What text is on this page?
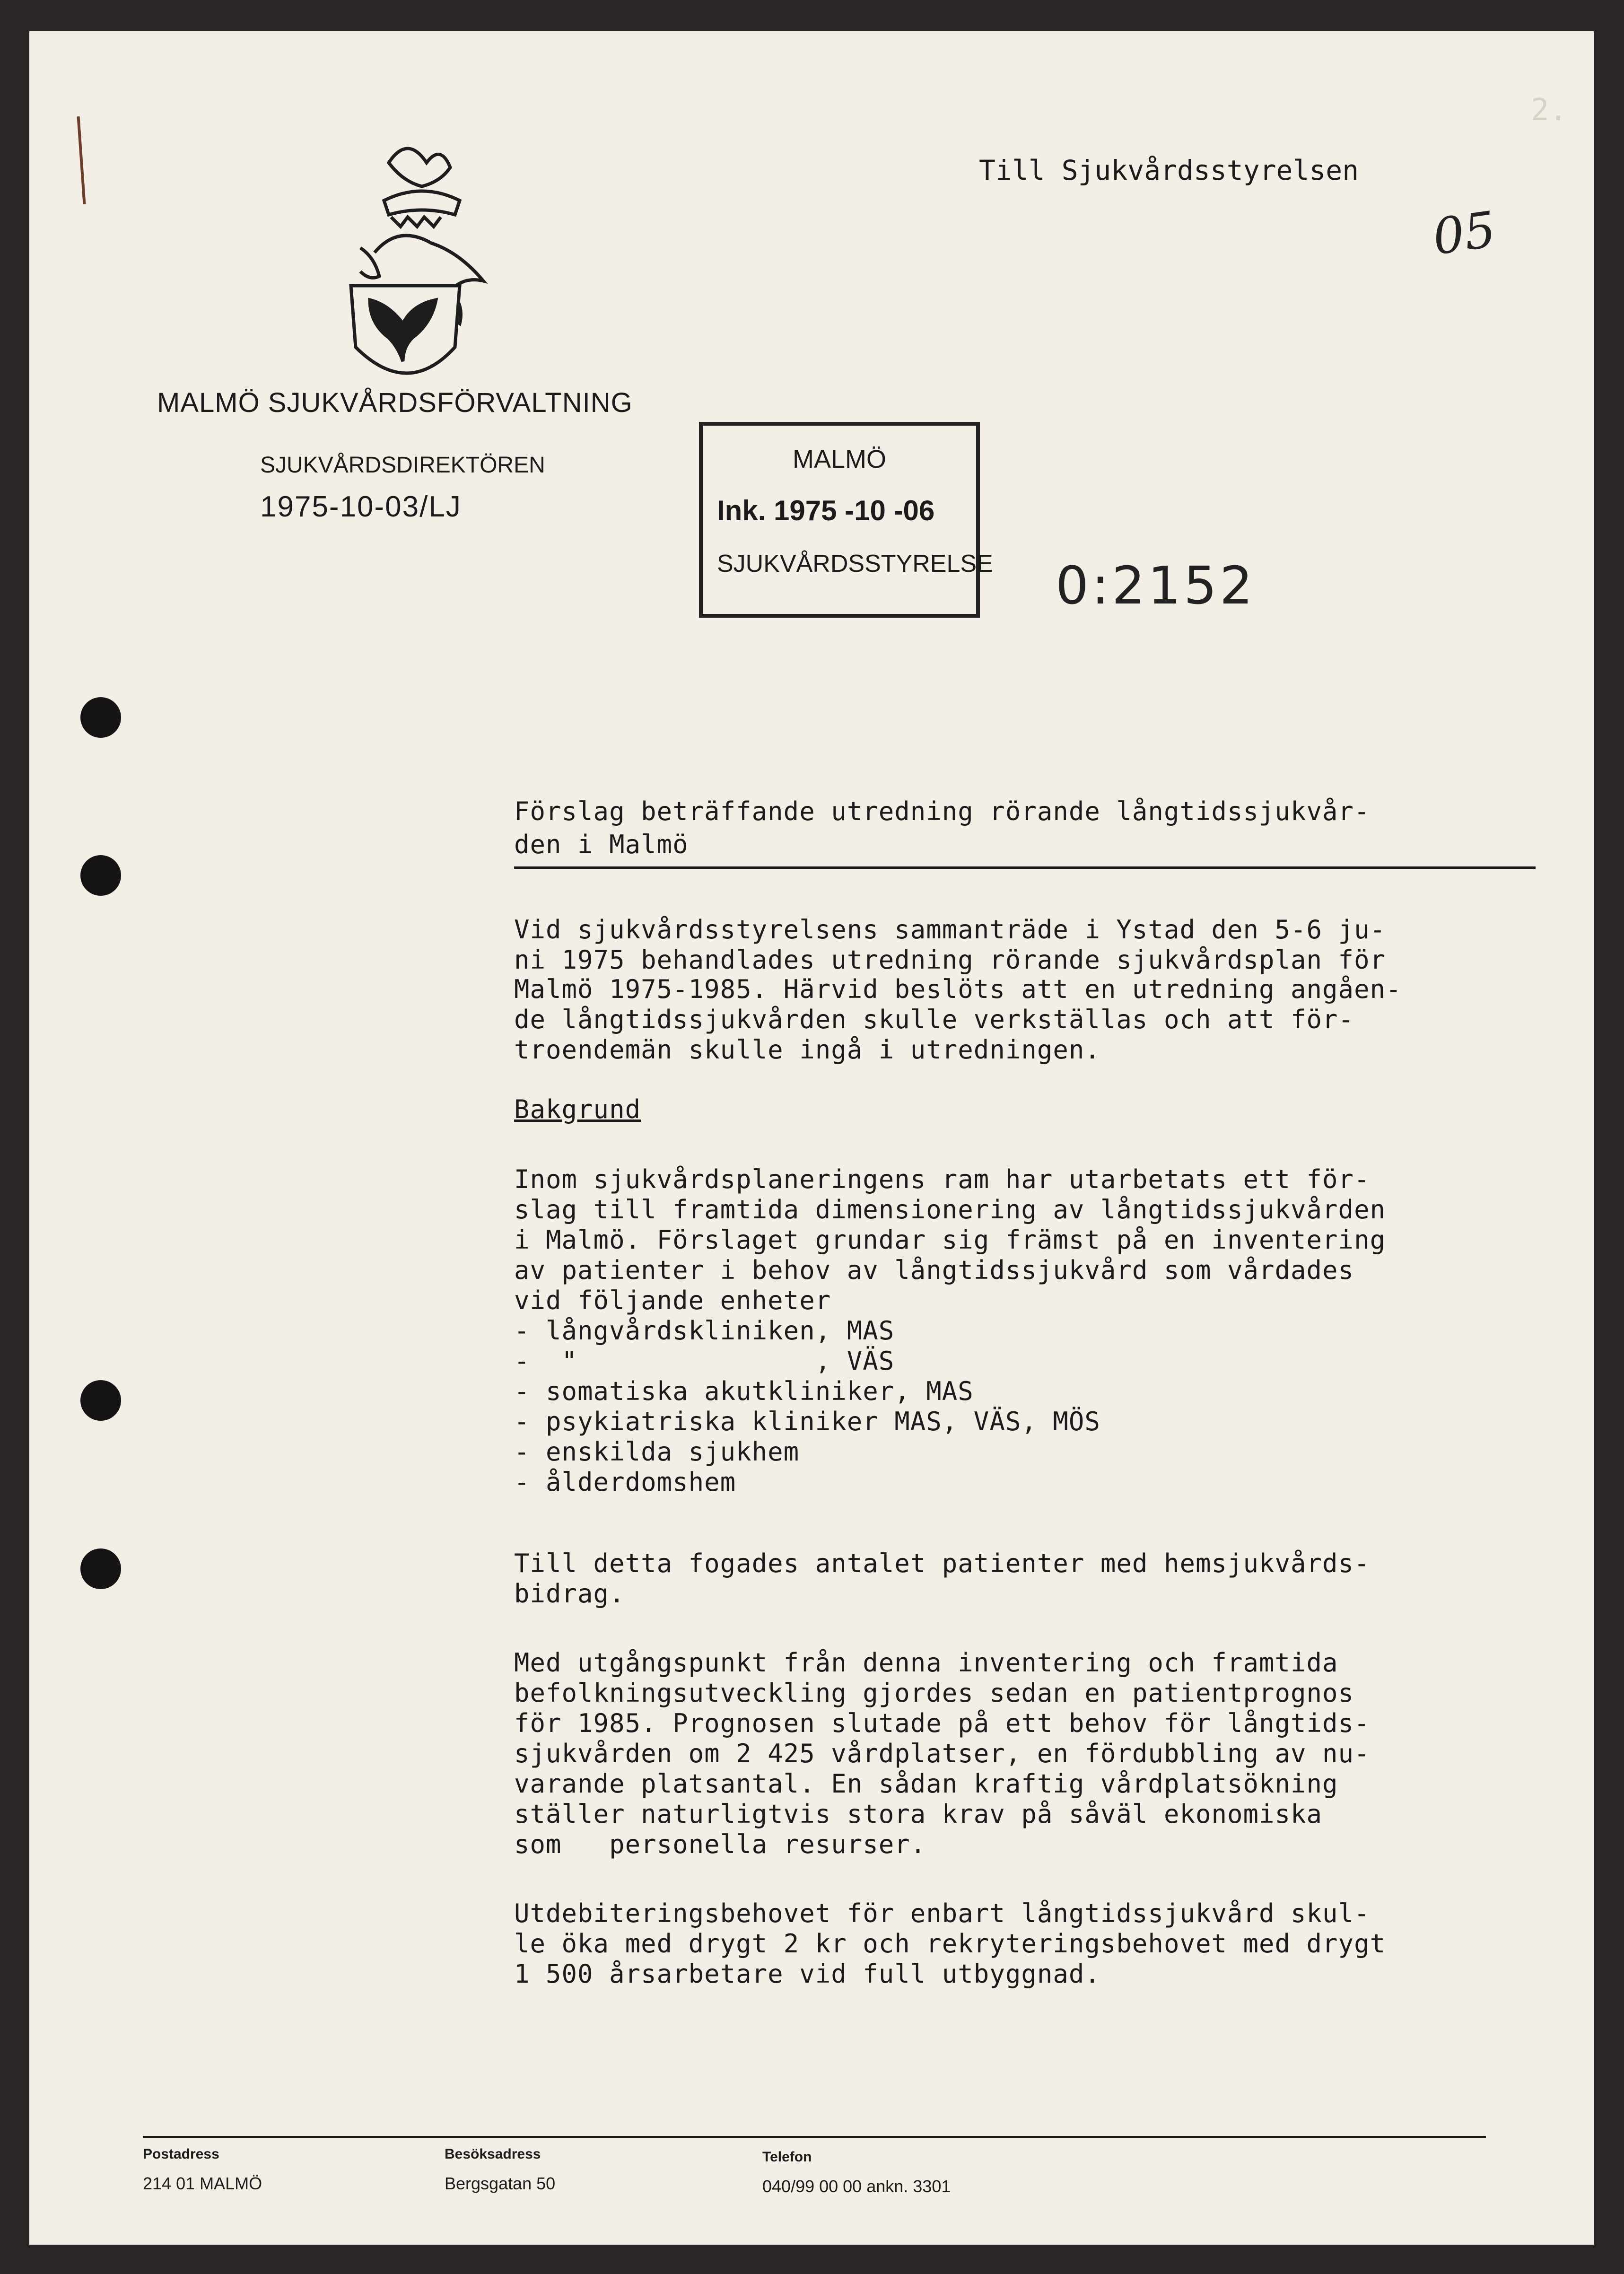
2.
Till Sjukvårdsstyrelsen
05
MALMÖ SJUKVÅRDSFÖRVALTNING
SJUKVÅRDSDIREKTÖREN
1975-10-03/LJ
MALMÖ
Ink. 1975 -10 -06
SJUKVÅRDSSTYRELSE 0:2152
Förslag beträffande utredning rörande långtidssjukvår-
den i Malmö
Vid sjukvårdsstyrelsens sammanträde i Ystad den 5-6 ju-
ni 1975 behandlades utredning rörande sjukvårdsplan för
Malmö 1975-1985. Härvid beslöts att en utredning angåen-
de långtidssjukvården skulle verkställas och att för-
troendemän skulle ingå i utredningen.
Bakgrund
Inom sjukvårdsplaneringens ram har utarbetats ett för-
slag till framtida dimensionering av långtidssjukvården
i Malmö. Förslaget grundar sig främst på en inventering
av patienter i behov av långtidssjukvård som vårdades
vid följande enheter
- långvårdskliniken, MAS
-  "               , VÄS
- somatiska akutkliniker, MAS
- psykiatriska kliniker MAS, VÄS, MÖS
- enskilda sjukhem
- ålderdomshem
Till detta fogades antalet patienter med hemsjukvårds-
bidrag.
Med utgångspunkt från denna inventering och framtida
befolkningsutveckling gjordes sedan en patientprognos
för 1985. Prognosen slutade på ett behov för långtids-
sjukvården om 2 425 vårdplatser, en fördubbling av nu-
varande platsantal. En sådan kraftig vårdplatsökning
ställer naturligtvis stora krav på såväl ekonomiska
som   personella resurser.
Utdebiteringsbehovet för enbart långtidssjukvård skul-
le öka med drygt 2 kr och rekryteringsbehovet med drygt
1 500 årsarbetare vid full utbyggnad.
Postadress
214 01 MALMÖ
Besöksadress
Bergsgatan 50
Telefon
040/99 00 00 ankn. 3301
